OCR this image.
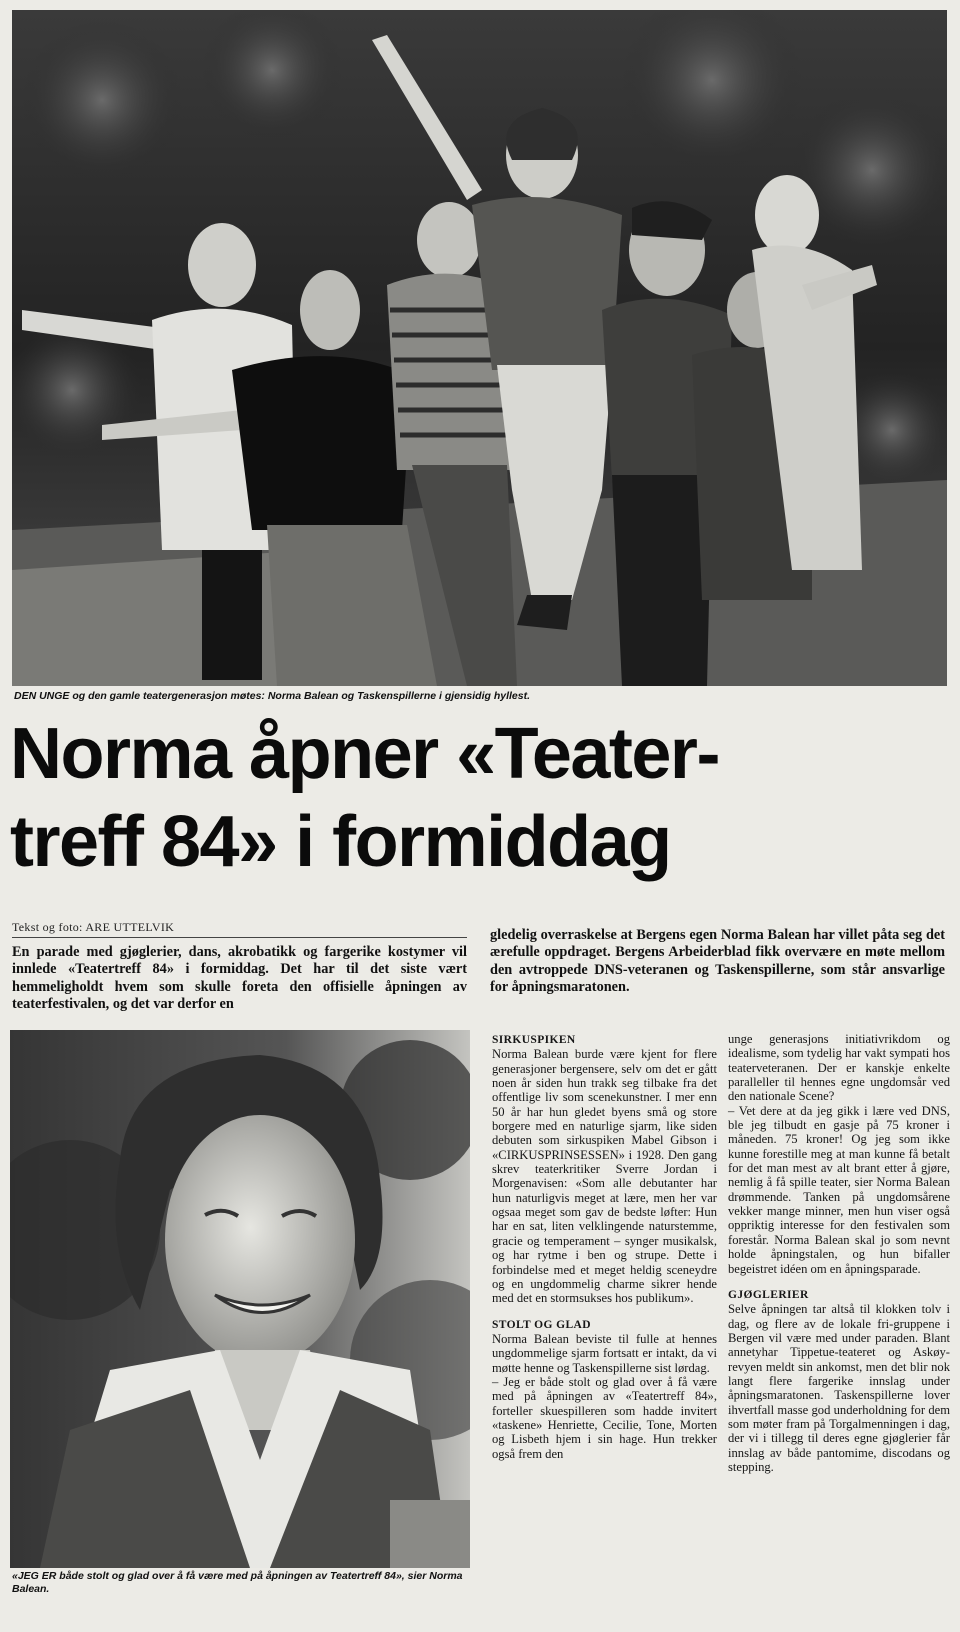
DEN UNGE og den gamle teatergenerasjon møtes: Norma Balean og Taskenspillerne i gjensidig hyllest.
Norma åpner «Teater-
treff 84» i formiddag
Tekst og foto: ARE UTTELVIK
En parade med gjøglerier, dans, akrobatikk og fargerike kostymer vil innlede «Teatertreff 84» i formiddag. Det har til det siste vært hemmeligholdt hvem som skulle foreta den offisielle åpningen av teaterfestivalen, og det var derfor en
gledelig overraskelse at Bergens egen Norma Balean har villet påta seg det ærefulle oppdraget. Bergens Arbeiderblad fikk overvære en møte mellom den avtroppede DNS-veteranen og Taskenspillerne, som står ansvarlige for åpningsmaratonen.
«JEG ER både stolt og glad over å få være med på åpningen av Teatertreff 84», sier Norma Balean.
SIRKUSPIKEN

Norma Balean burde være kjent for flere generasjoner bergensere, selv om det er gått noen år siden hun trakk seg tilbake fra det offentlige liv som scenekunstner. I mer enn 50 år har hun gledet byens små og store borgere med en naturlige sjarm, like siden debuten som sirkuspiken Mabel Gibson i «CIRKUSPRINSESSEN» i 1928. Den gang skrev teaterkritiker Sverre Jordan i Morgenavisen: «Som alle debutanter har hun naturligvis meget at lære, men her var ogsaa meget som gav de bedste løfter: Hun har en sat, liten velklingende naturstemme, gracie og temperament – synger musikalsk, og har rytme i ben og strupe. Dette i forbindelse med et meget heldig sceneydre og en ungdommelig charme sikrer hende med det en stormsukses hos publikum».

STOLT OG GLAD

Norma Balean beviste til fulle at hennes ungdommelige sjarm fortsatt er intakt, da vi møtte henne og Taskenspillerne sist lørdag.

– Jeg er både stolt og glad over å få være med på åpningen av «Teatertreff 84», forteller skuespilleren som hadde invitert «taskene» Henriette, Cecilie, Tone, Morten og Lisbeth hjem i sin hage. Hun trekker også frem den

unge generasjons initiativrikdom og idealisme, som tydelig har vakt sympati hos teaterveteranen. Der er kanskje enkelte paralleller til hennes egne ungdomsår ved den nationale Scene?

– Vet dere at da jeg gikk i lære ved DNS, ble jeg tilbudt en gasje på 75 kroner i måneden. 75 kroner! Og jeg som ikke kunne forestille meg at man kunne få betalt for det man mest av alt brant etter å gjøre, nemlig å få spille teater, sier Norma Balean drømmende. Tanken på ungdomsårene vekker mange minner, men hun viser også oppriktig interesse for den festivalen som forestår. Norma Balean skal jo som nevnt holde åpningstalen, og hun bifaller begeistret idéen om en åpningsparade.

GJØGLERIER

Selve åpningen tar altså til klokken tolv i dag, og flere av de lokale fri-gruppene i Bergen vil være med under paraden. Blant annetyhar Tippetue-teateret og Askøy-revyen meldt sin ankomst, men det blir nok langt flere fargerike innslag under åpningsmaratonen. Taskenspillerne lover ihvertfall masse god underholdning for dem som møter fram på Torgalmenningen i dag, der vi i tillegg til deres egne gjøglerier får innslag av både pantomime, discodans og stepping.
